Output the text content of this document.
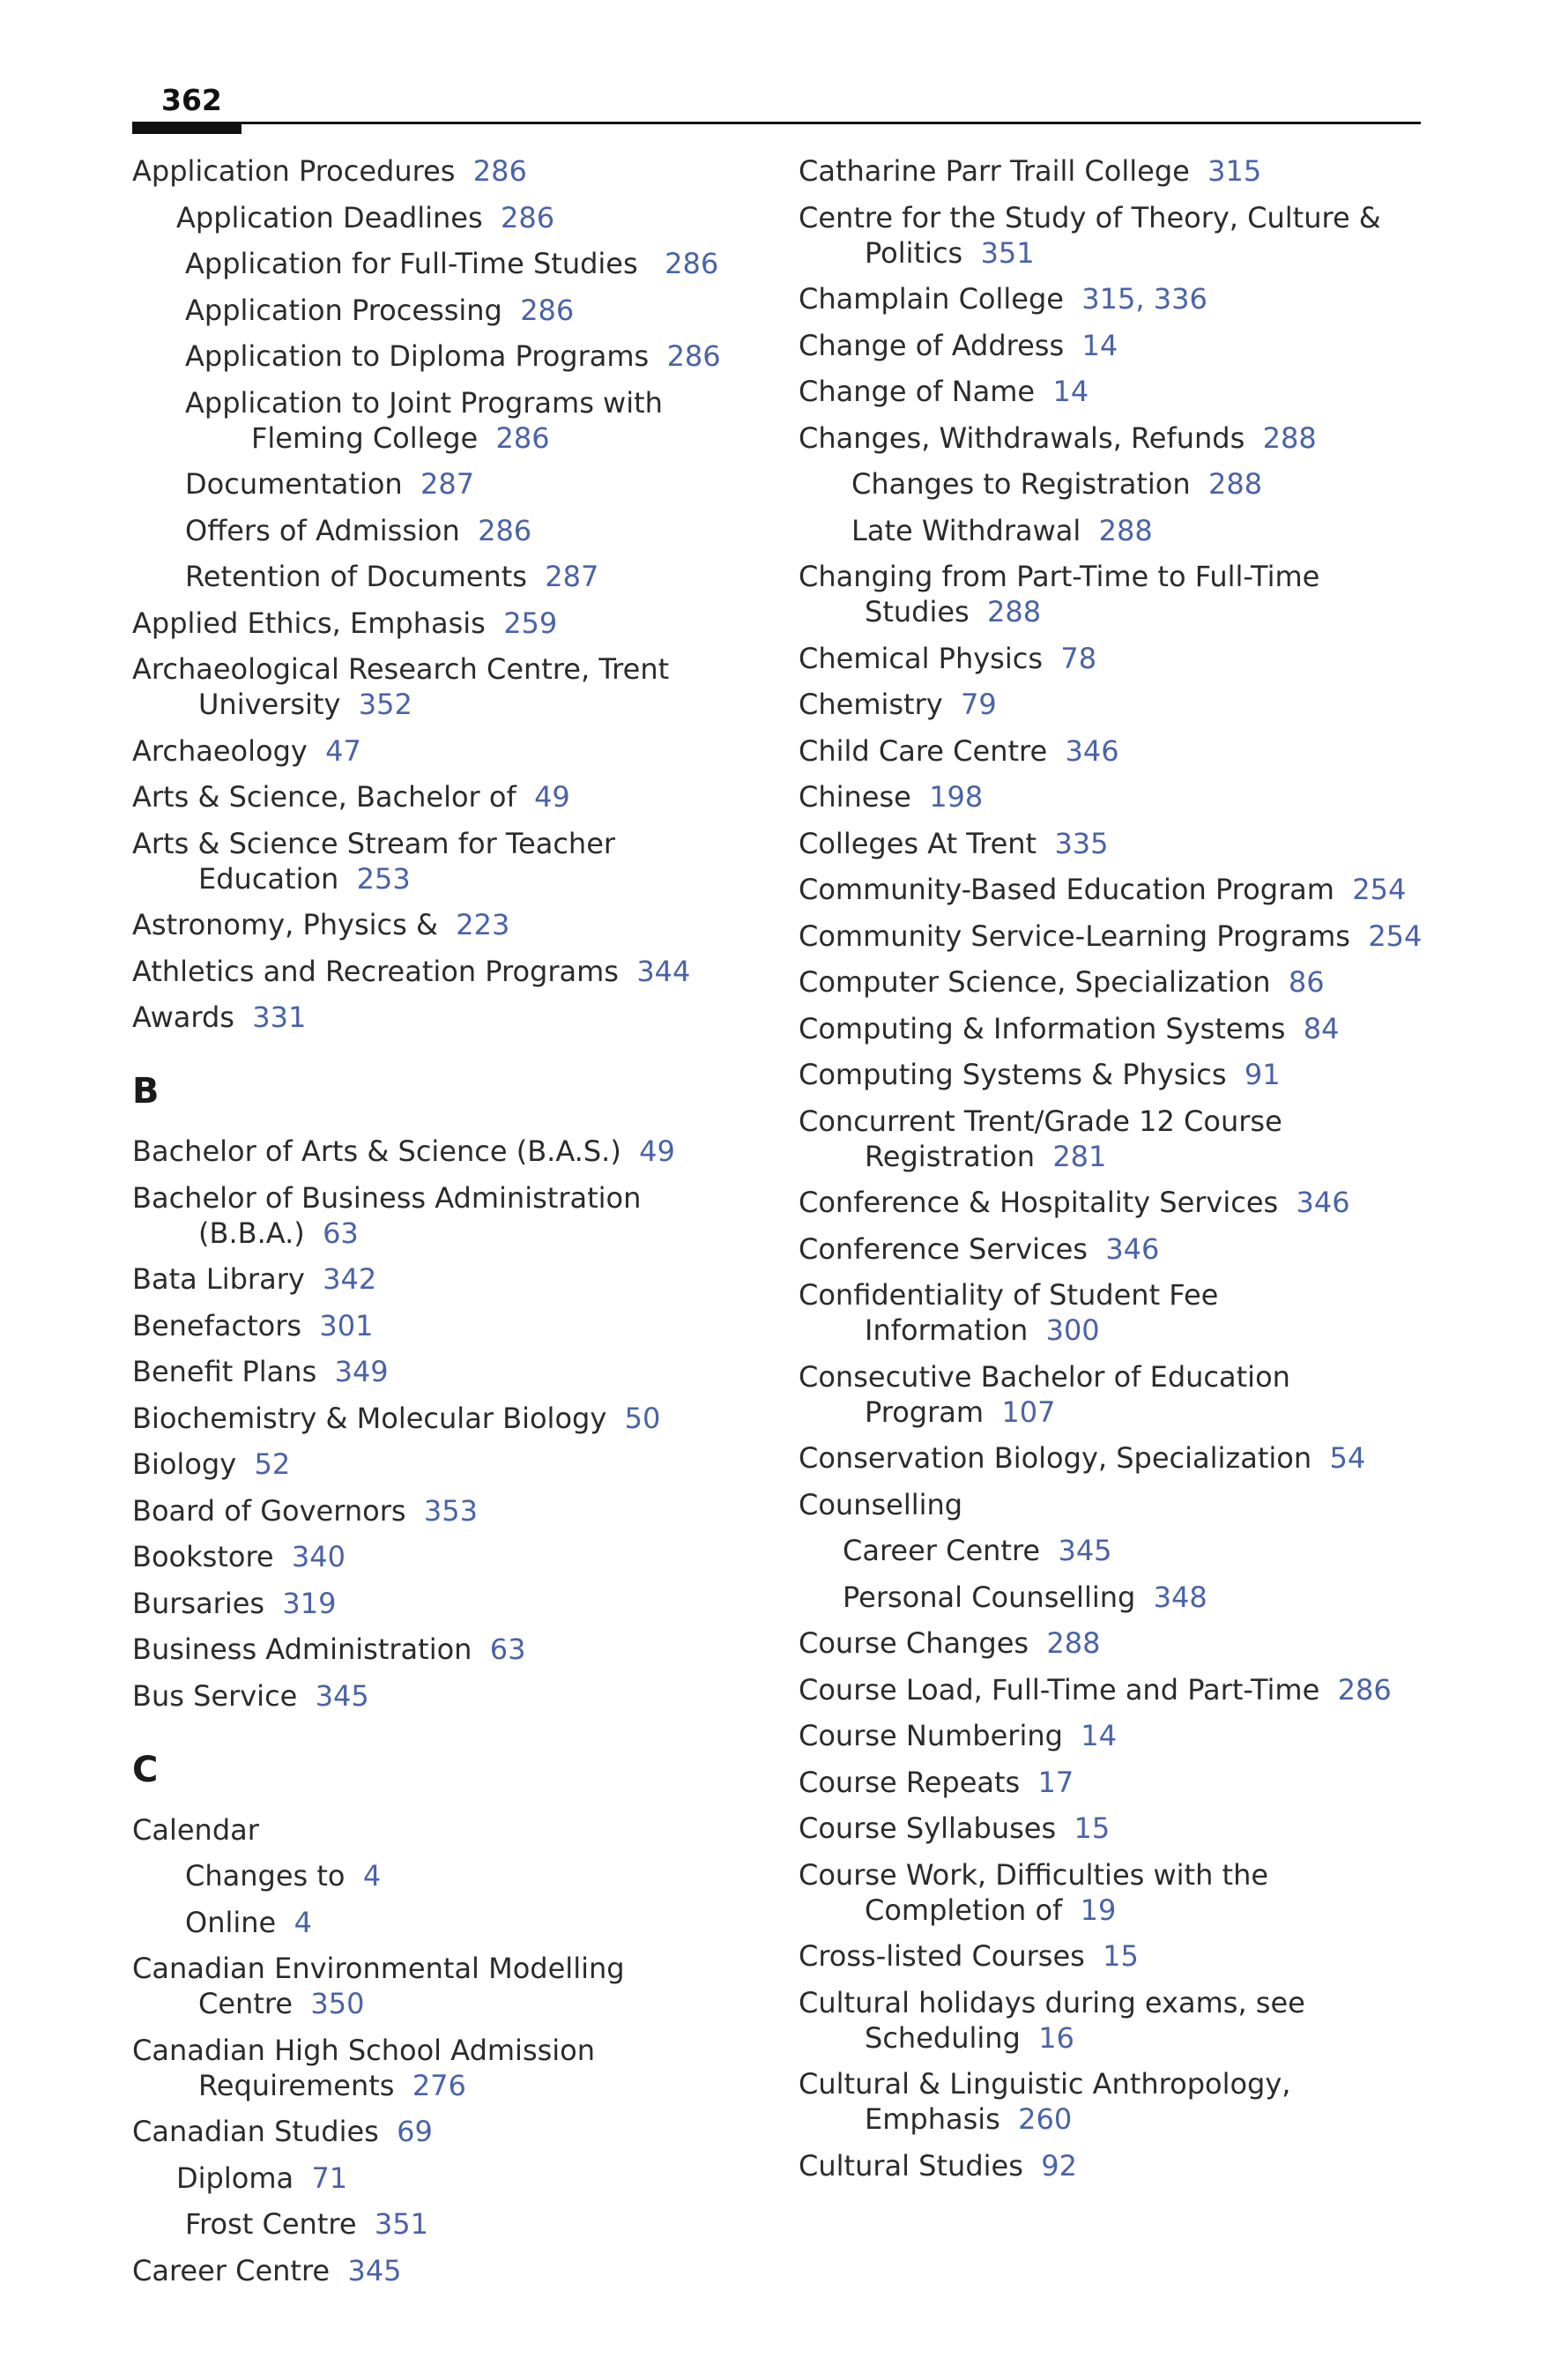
362
Application Procedures 286
Application Deadlines 286
Application for Full-Time Studies   286
Application Processing 286
Application to Diploma Programs 286
Application to Joint Programs with Fleming College 286
Documentation 287
Offers of Admission 286
Retention of Documents 287
Applied Ethics, Emphasis 259
Archaeological Research Centre, Trent University 352
Archaeology 47
Arts & Science, Bachelor of 49
Arts & Science Stream for Teacher Education 253
Astronomy, Physics & 223
Athletics and Recreation Programs 344
Awards 331
B
Bachelor of Arts & Science (B.A.S.) 49
Bachelor of Business Administration (B.B.A.) 63
Bata Library 342
Benefactors 301
Benefit Plans 349
Biochemistry & Molecular Biology 50
Biology 52
Board of Governors 353
Bookstore 340
Bursaries 319
Business Administration 63
Bus Service 345
C
Calendar
Changes to 4
Online 4
Canadian Environmental Modelling Centre 350
Canadian High School Admission Requirements 276
Canadian Studies 69
Diploma 71
Frost Centre 351
Career Centre 345
Catharine Parr Traill College 315
Centre for the Study of Theory, Culture & Politics 351
Champlain College 315, 336
Change of Address 14
Change of Name 14
Changes, Withdrawals, Refunds 288
Changes to Registration 288
Late Withdrawal 288
Changing from Part-Time to Full-Time Studies 288
Chemical Physics 78
Chemistry 79
Child Care Centre 346
Chinese 198
Colleges At Trent 335
Community-Based Education Program 254
Community Service-Learning Programs 254
Computer Science, Specialization 86
Computing & Information Systems 84
Computing Systems & Physics 91
Concurrent Trent/Grade 12 Course Registration 281
Conference & Hospitality Services 346
Conference Services 346
Confidentiality of Student Fee Information 300
Consecutive Bachelor of Education Program 107
Conservation Biology, Specialization 54
Counselling
Career Centre 345
Personal Counselling 348
Course Changes 288
Course Load, Full-Time and Part-Time 286
Course Numbering 14
Course Repeats 17
Course Syllabuses 15
Course Work, Difficulties with the Completion of 19
Cross-listed Courses 15
Cultural holidays during exams, see Scheduling 16
Cultural & Linguistic Anthropology, Emphasis 260
Cultural Studies 92
